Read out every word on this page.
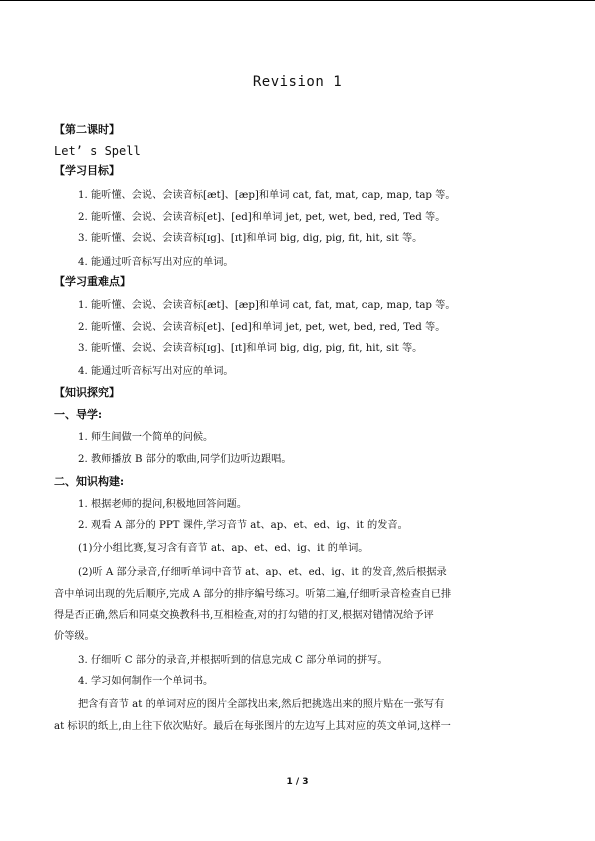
Revision 1
【第二课时】
Let’ s Spell
【学习目标】
1. 能听懂、会说、会读音标[æt]、[æp]和单词 cat, fat, mat, cap, map, tap 等。
2. 能听懂、会说、会读音标[et]、[ed]和单词 jet, pet, wet, bed, red, Ted 等。
3. 能听懂、会说、会读音标[ɪg]、[ɪt]和单词 big, dig, pig, fit, hit, sit 等。
4. 能通过听音标写出对应的单词。
【学习重难点】
1. 能听懂、会说、会读音标[æt]、[æp]和单词 cat, fat, mat, cap, map, tap 等。
2. 能听懂、会说、会读音标[et]、[ed]和单词 jet, pet, wet, bed, red, Ted 等。
3. 能听懂、会说、会读音标[ɪg]、[ɪt]和单词 big, dig, pig, fit, hit, sit 等。
4. 能通过听音标写出对应的单词。
【知识探究】
一、导学:
1. 师生间做一个简单的问候。
2. 教师播放 B 部分的歌曲,同学们边听边跟唱。
二、知识构建:
1. 根据老师的提问,积极地回答问题。
2. 观看 A 部分的 PPT 课件,学习音节 at、ap、et、ed、ig、it 的发音。
(1)分小组比赛,复习含有音节 at、ap、et、ed、ig、it 的单词。
(2)听 A 部分录音,仔细听单词中音节 at、ap、et、ed、ig、it 的发音,然后根据录
音中单词出现的先后顺序,完成 A 部分的排序编号练习。听第二遍,仔细听录音检查自已排
得是否正确,然后和同桌交换教科书,互相检查,对的打勾错的打叉,根据对错情况给予评
价等级。
3. 仔细听 C 部分的录音,并根据听到的信息完成 C 部分单词的拼写。
4. 学习如何制作一个单词书。
把含有音节 at 的单词对应的图片全部找出来,然后把挑选出来的照片贴在一张写有
at 标识的纸上,由上往下依次贴好。最后在每张图片的左边写上其对应的英文单词,这样一
1 / 3
